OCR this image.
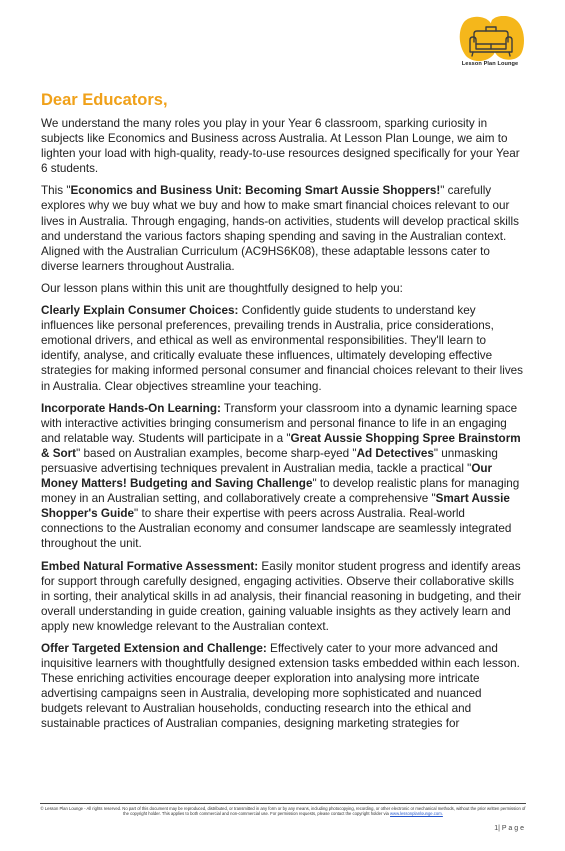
Lesson Plan Lounge
Dear Educators,

We understand the many roles you play in your Year 6 classroom, sparking curiosity in subjects like Economics and Business across Australia. At Lesson Plan Lounge, we aim to lighten your load with high-quality, ready-to-use resources designed specifically for your Year 6 students.

This "Economics and Business Unit: Becoming Smart Aussie Shoppers!" carefully explores why we buy what we buy and how to make smart financial choices relevant to our lives in Australia. Through engaging, hands-on activities, students will develop practical skills and understand the various factors shaping spending and saving in the Australian context. Aligned with the Australian Curriculum (AC9HS6K08), these adaptable lessons cater to diverse learners throughout Australia.

Our lesson plans within this unit are thoughtfully designed to help you:

Clearly Explain Consumer Choices: Confidently guide students to understand key influences like personal preferences, prevailing trends in Australia, price considerations, emotional drivers, and ethical as well as environmental responsibilities. They'll learn to identify, analyse, and critically evaluate these influences, ultimately developing effective strategies for making informed personal consumer and financial choices relevant to their lives in Australia. Clear objectives streamline your teaching.

Incorporate Hands-On Learning: Transform your classroom into a dynamic learning space with interactive activities bringing consumerism and personal finance to life in an engaging and relatable way. Students will participate in a "Great Aussie Shopping Spree Brainstorm & Sort" based on Australian examples, become sharp-eyed "Ad Detectives" unmasking persuasive advertising techniques prevalent in Australian media, tackle a practical "Our Money Matters! Budgeting and Saving Challenge" to develop realistic plans for managing money in an Australian setting, and collaboratively create a comprehensive "Smart Aussie Shopper's Guide" to share their expertise with peers across Australia. Real-world connections to the Australian economy and consumer landscape are seamlessly integrated throughout the unit.

Embed Natural Formative Assessment: Easily monitor student progress and identify areas for support through carefully designed, engaging activities. Observe their collaborative skills in sorting, their analytical skills in ad analysis, their financial reasoning in budgeting, and their overall understanding in guide creation, gaining valuable insights as they actively learn and apply new knowledge relevant to the Australian context.

Offer Targeted Extension and Challenge: Effectively cater to your more advanced and inquisitive learners with thoughtfully designed extension tasks embedded within each lesson. These enriching activities encourage deeper exploration into analysing more intricate advertising campaigns seen in Australia, developing more sophisticated and nuanced budgets relevant to Australian households, conducting research into the ethical and sustainable practices of Australian companies, designing marketing strategies for

© Lesson Plan Lounge - All rights reserved. No part of this document may be reproduced, distributed, or transmitted in any form or by any means, including photocopying, recording, or other electronic or mechanical methods, without the prior written permission of the copyright holder. This applies to both commercial and non-commercial use. For permission requests, please contact the copyright holder via www.lessonplanlounge.com.
1| P a g e
